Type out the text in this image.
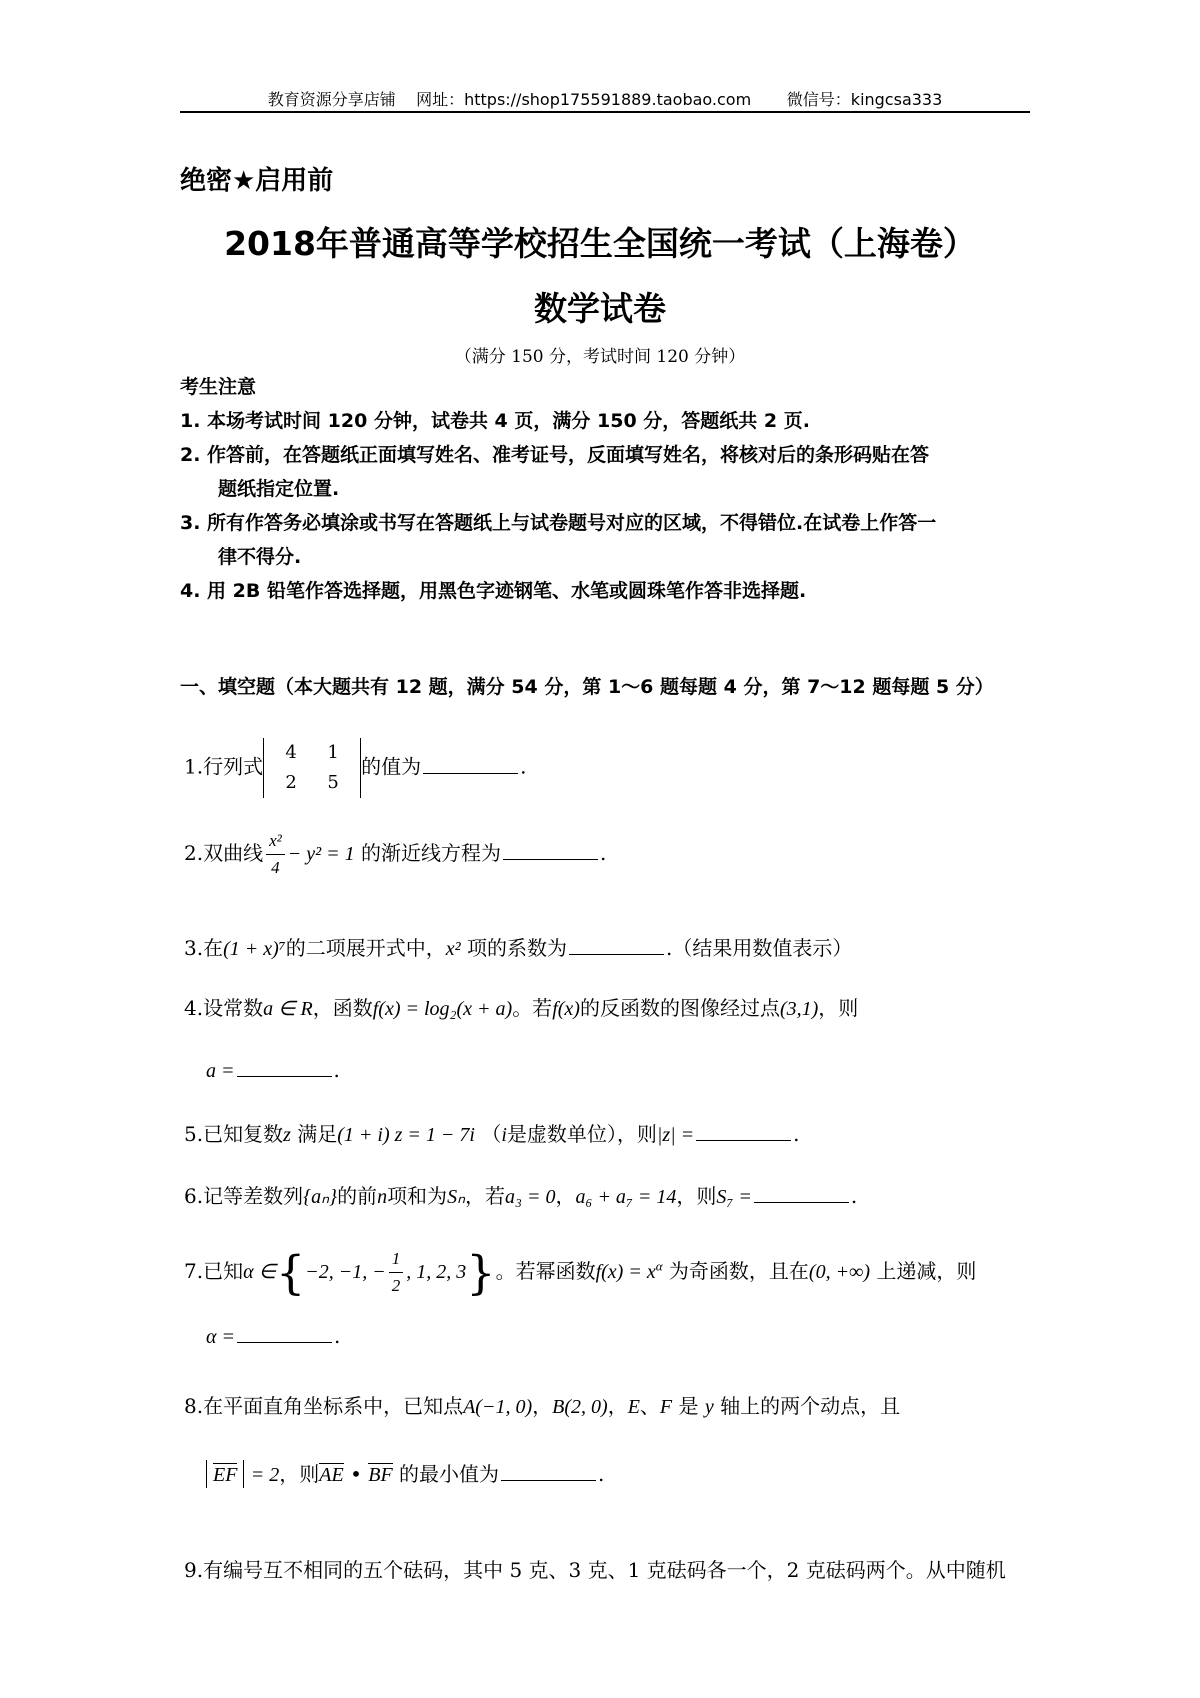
教育资源分享店铺 网址：https://shop175591889.taobao.com 微信号：kingcsa333
绝密★启用前
2018年普通高等学校招生全国统一考试（上海卷）
数学试卷
（满分 150 分，考试时间 120 分钟）
考生注意
1. 本场考试时间 120 分钟，试卷共 4 页，满分 150 分，答题纸共 2 页.
2. 作答前，在答题纸正面填写姓名、准考证号，反面填写姓名，将核对后的条形码贴在答
题纸指定位置.
3. 所有作答务必填涂或书写在答题纸上与试卷题号对应的区域，不得错位.在试卷上作答一
律不得分.
4. 用 2B 铅笔作答选择题，用黑色字迹钢笔、水笔或圆珠笔作答非选择题.
一、填空题（本大题共有 12 题，满分 54 分，第 1～6 题每题 4 分，第 7～12 题每题 5 分）
1.行列式
4 1
2 5
的值为	.
2.双曲线 $\frac{\text{x²}}{4} - y^2 = 1$ 的渐近线方程为	.
3.在(1 + x)⁷的二项展开式中，x² 项的系数为	.（结果用数值表示）
4.设常数a ∈ R，函数f(x) = log₂(x + a)。若f(x)的反函数的图像经过点(3,1)，则
a =	.
5.已知复数z 满足(1 + i) z = 1 − 7i （i是虚数单位），则|z| =	.
6.记等差数列{aₙ}的前n项和为Sₙ，若a₃ = 0，a₆ + a₇ = 14，则S₇ =	.
7.已知α ∈{−2, −1, − $\frac{1}{2}$ , 1, 2, 3}。若幂函数$f(x) = x^\alpha$ 为奇函数，且在(0, +∞) 上递减，则
α =	.
8.在平面直角坐标系中，已知点A(−1, 0)，B(2, 0)，E、F 是 y 轴上的两个动点，且
EF = 2，则AE • BF 的最小值为	.
9.有编号互不相同的五个砝码，其中 5 克、3 克、1 克砝码各一个，2 克砝码两个。从中随机
